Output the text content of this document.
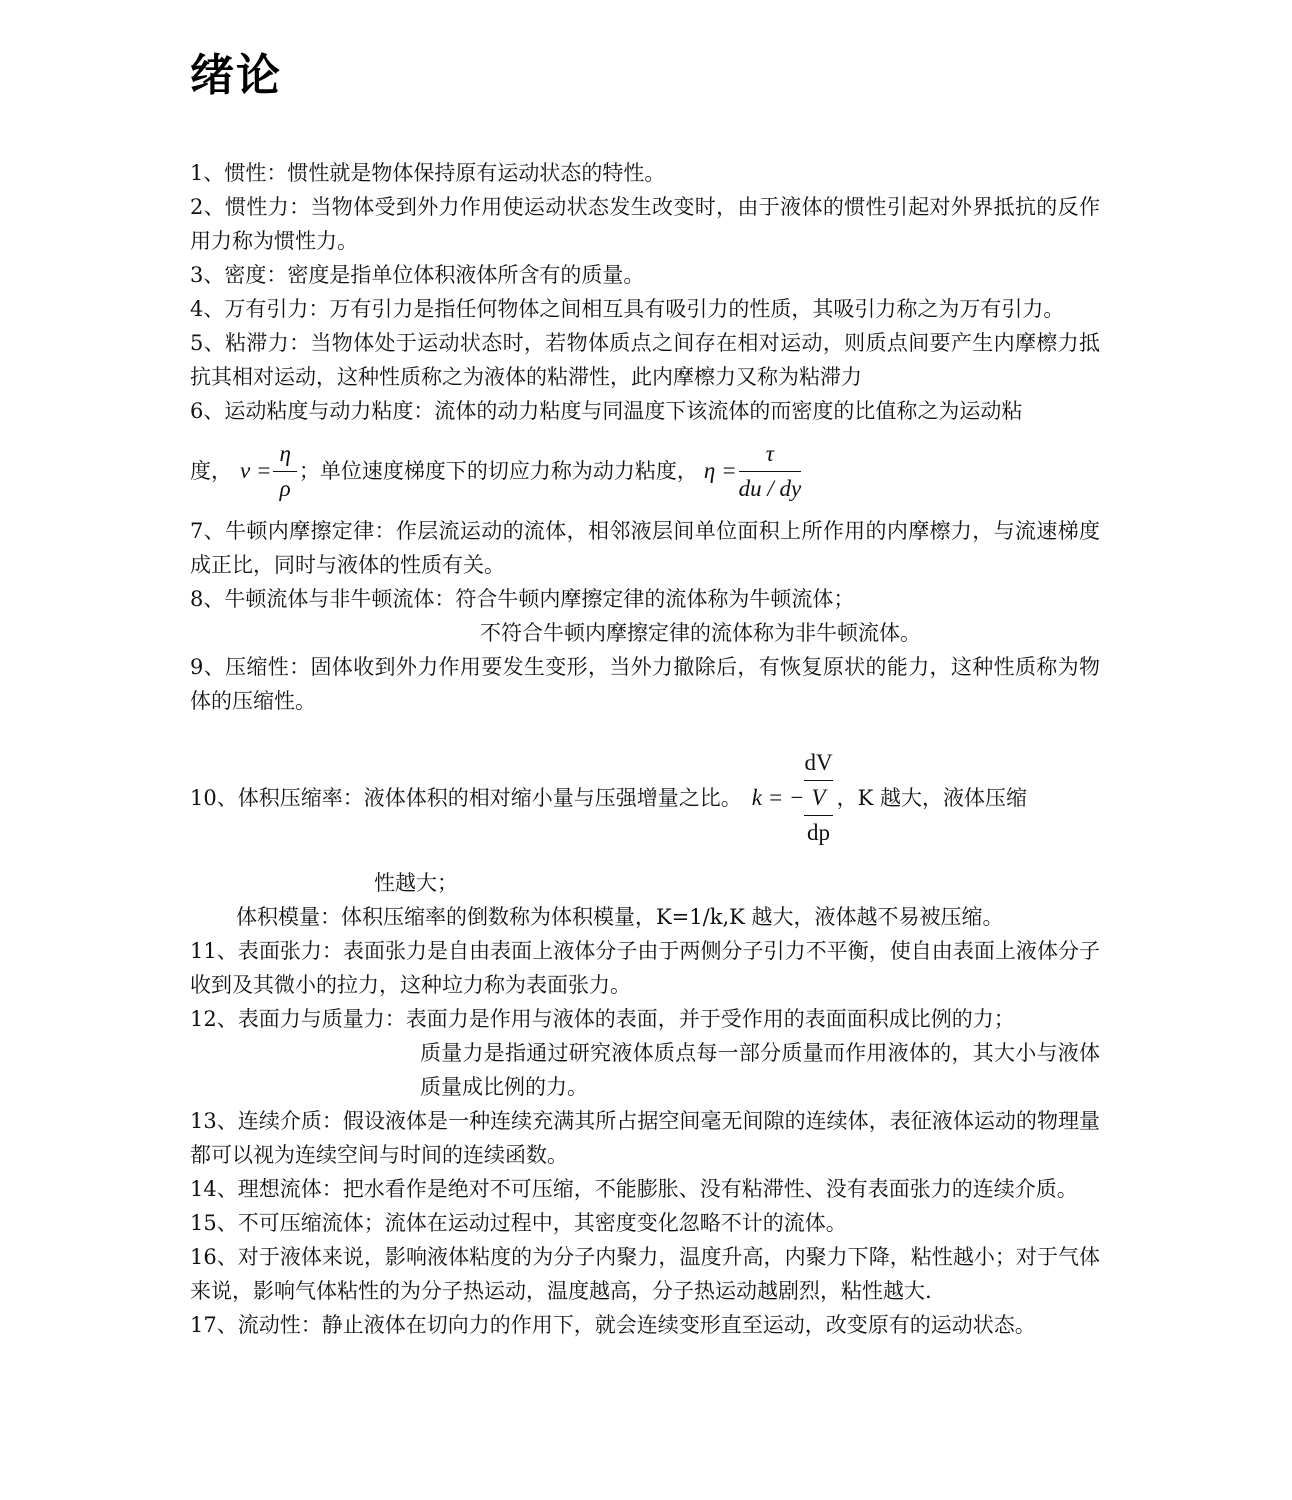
绪论

1、惯性：惯性就是物体保持原有运动状态的特性。

2、惯性力：当物体受到外力作用使运动状态发生改变时，由于液体的惯性引起对外界抵抗的反作用力称为惯性力。

3、密度：密度是指单位体积液体所含有的质量。

4、万有引力：万有引力是指任何物体之间相互具有吸引力的性质，其吸引力称之为万有引力。

5、粘滞力：当物体处于运动状态时，若物体质点之间存在相对运动，则质点间要产生内摩檫力抵抗其相对运动，这种性质称之为液体的粘滞性，此内摩檫力又称为粘滞力

6、运动粘度与动力粘度：流体的动力粘度与同温度下该流体的而密度的比值称之为运动粘

度， $\nu = \frac{\eta}{\rho}$ ；单位速度梯度下的切应力称为动力粘度， $\eta = \frac{\tau}{du / dy}$

7、牛顿内摩擦定律：作层流运动的流体，相邻液层间单位面积上所作用的内摩檫力，与流速梯度成正比，同时与液体的性质有关。

8、牛顿流体与非牛顿流体：符合牛顿内摩擦定律的流体称为牛顿流体；

不符合牛顿内摩擦定律的流体称为非牛顿流体。

9、压缩性：固体收到外力作用要发生变形，当外力撤除后，有恢复原状的能力，这种性质称为物体的压缩性。

10、体积压缩率：液体体积的相对缩小量与压强增量之比。 k = −
dV
V
dp
，K 越大，液体压缩

性越大；

体积模量：体积压缩率的倒数称为体积模量，K=1/k,K 越大，液体越不易被压缩。

11、表面张力：表面张力是自由表面上液体分子由于两侧分子引力不平衡，使自由表面上液体分子收到及其微小的拉力，这种垃力称为表面张力。

12、表面力与质量力：表面力是作用与液体的表面，并于受作用的表面面积成比例的力；

质量力是指通过研究液体质点每一部分质量而作用液体的，其大小与液体质量成比例的力。

13、连续介质：假设液体是一种连续充满其所占据空间毫无间隙的连续体，表征液体运动的物理量都可以视为连续空间与时间的连续函数。

14、理想流体：把水看作是绝对不可压缩，不能膨胀、没有粘滞性、没有表面张力的连续介质。

15、不可压缩流体；流体在运动过程中，其密度变化忽略不计的流体。

16、对于液体来说，影响液体粘度的为分子内聚力，温度升高，内聚力下降，粘性越小；对于气体来说，影响气体粘性的为分子热运动，温度越高，分子热运动越剧烈，粘性越大.

17、流动性：静止液体在切向力的作用下，就会连续变形直至运动，改变原有的运动状态。
